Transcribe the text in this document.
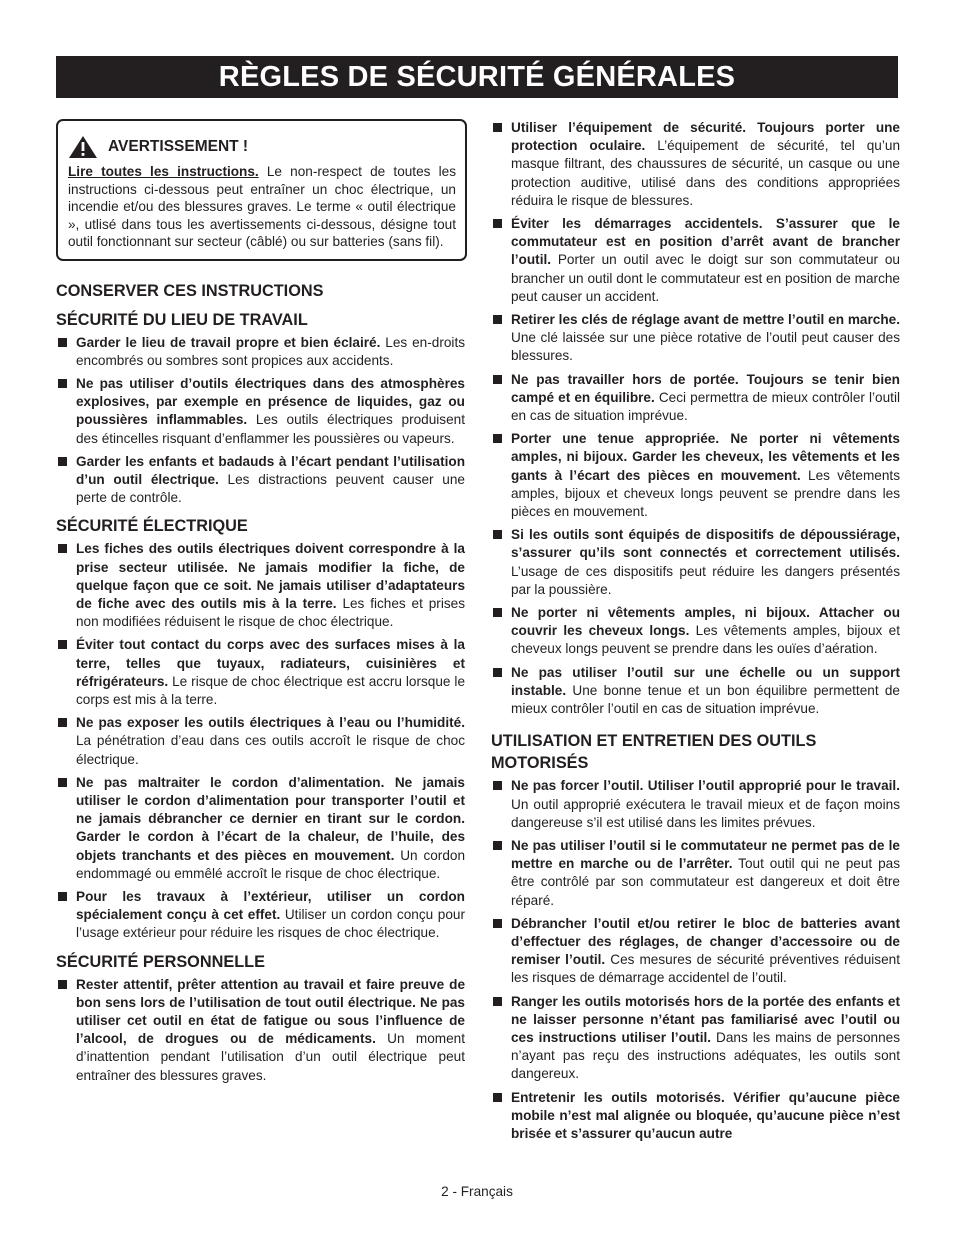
RÈGLES DE SÉCURITÉ GÉNÉRALES
AVERTISSEMENT !
Lire toutes les instructions. Le non-respect de toutes les instructions ci-dessous peut entraîner un choc électrique, un incendie et/ou des blessures graves. Le terme « outil électrique », utlisé dans tous les avertissements ci-dessous, désigne tout outil fonctionnant sur secteur (câblé) ou sur batteries (sans fil).
CONSERVER CES INSTRUCTIONS
SÉCURITÉ DU LIEU DE TRAVAIL
Garder le lieu de travail propre et bien éclairé. Les en-droits encombrés ou sombres sont propices aux accidents.
Ne pas utiliser d’outils électriques dans des atmosphères explosives, par exemple en présence de liquides, gaz ou poussières inflammables. Les outils électriques produisent des étincelles risquant d’enflammer les poussières ou vapeurs.
Garder les enfants et badauds à l’écart pendant l’utilisation d’un outil électrique. Les distractions peuvent causer une perte de contrôle.
SÉCURITÉ ÉLECTRIQUE
Les fiches des outils électriques doivent correspondre à la prise secteur utilisée. Ne jamais modifier la fiche, de quelque façon que ce soit. Ne jamais utiliser d’adaptateurs de fiche avec des outils mis à la terre. Les fiches et prises non modifiées réduisent le risque de choc électrique.
Éviter tout contact du corps avec des surfaces mises à la terre, telles que tuyaux, radiateurs, cuisinières et réfrigérateurs. Le risque de choc électrique est accru lorsque le corps est mis à la terre.
Ne pas exposer les outils électriques à l’eau ou l’humidité. La pénétration d’eau dans ces outils accroît le risque de choc électrique.
Ne pas maltraiter le cordon d’alimentation. Ne jamais utiliser le cordon d’alimentation pour transporter l’outil et ne jamais débrancher ce dernier en tirant sur le cordon. Garder le cordon à l’écart de la chaleur, de l’huile, des objets tranchants et des pièces en mouvement. Un cordon endommagé ou emmêlé accroît le risque de choc électrique.
Pour les travaux à l’extérieur, utiliser un cordon spécialement conçu à cet effet. Utiliser un cordon conçu pour l’usage extérieur pour réduire les risques de choc électrique.
SÉCURITÉ PERSONNELLE
Rester attentif, prêter attention au travail et faire preuve de bon sens lors de l’utilisation de tout outil électrique. Ne pas utiliser cet outil en état de fatigue ou sous l’influence de l’alcool, de drogues ou de médicaments. Un moment d’inattention pendant l’utilisation d’un outil électrique peut entraîner des blessures graves.
Utiliser l’équipement de sécurité. Toujours porter une protection oculaire. L’équipement de sécurité, tel qu’un masque filtrant, des chaussures de sécurité, un casque ou une protection auditive, utilisé dans des conditions appropriées réduira le risque de blessures.
Éviter les démarrages accidentels. S’assurer que le commutateur est en position d’arrêt avant de brancher l’outil. Porter un outil avec le doigt sur son commutateur ou brancher un outil dont le commutateur est en position de marche peut causer un accident.
Retirer les clés de réglage avant de mettre l’outil en marche. Une clé laissée sur une pièce rotative de l’outil peut causer des blessures.
Ne pas travailler hors de portée. Toujours se tenir bien campé et en équilibre. Ceci permettra de mieux contrôler l’outil en cas de situation imprévue.
Porter une tenue appropriée. Ne porter ni vêtements amples, ni bijoux. Garder les cheveux, les vêtements et les gants à l’écart des pièces en mouvement. Les vêtements amples, bijoux et cheveux longs peuvent se prendre dans les pièces en mouvement.
Si les outils sont équipés de dispositifs de dépoussiérage, s’assurer qu’ils sont connectés et correctement utilisés. L’usage de ces dispositifs peut réduire les dangers présentés par la poussière.
Ne porter ni vêtements amples, ni bijoux. Attacher ou couvrir les cheveux longs. Les vêtements amples, bijoux et cheveux longs peuvent se prendre dans les ouïes d’aération.
Ne pas utiliser l’outil sur une échelle ou un support instable. Une bonne tenue et un bon équilibre permettent de mieux contrôler l’outil en cas de situation imprévue.
UTILISATION ET ENTRETIEN DES OUTILS MOTORISÉS
Ne pas forcer l’outil. Utiliser l’outil approprié pour le travail. Un outil approprié exécutera le travail mieux et de façon moins dangereuse s’il est utilisé dans les limites prévues.
Ne pas utiliser l’outil si le commutateur ne permet pas de le mettre en marche ou de l’arrêter. Tout outil qui ne peut pas être contrôlé par son commutateur est dangereux et doit être réparé.
Débrancher l’outil et/ou retirer le bloc de batteries avant d’effectuer des réglages, de changer d’accessoire ou de remiser l’outil. Ces mesures de sécurité préventives réduisent les risques de démarrage accidentel de l’outil.
Ranger les outils motorisés hors de la portée des enfants et ne laisser personne n’étant pas familiarisé avec l’outil ou ces instructions utiliser l’outil. Dans les mains de personnes n’ayant pas reçu des instructions adéquates, les outils sont dangereux.
Entretenir les outils motorisés. Vérifier qu’aucune pièce mobile n’est mal alignée ou bloquée, qu’aucune pièce n’est brisée et s’assurer qu’aucun autre
2 - Français
